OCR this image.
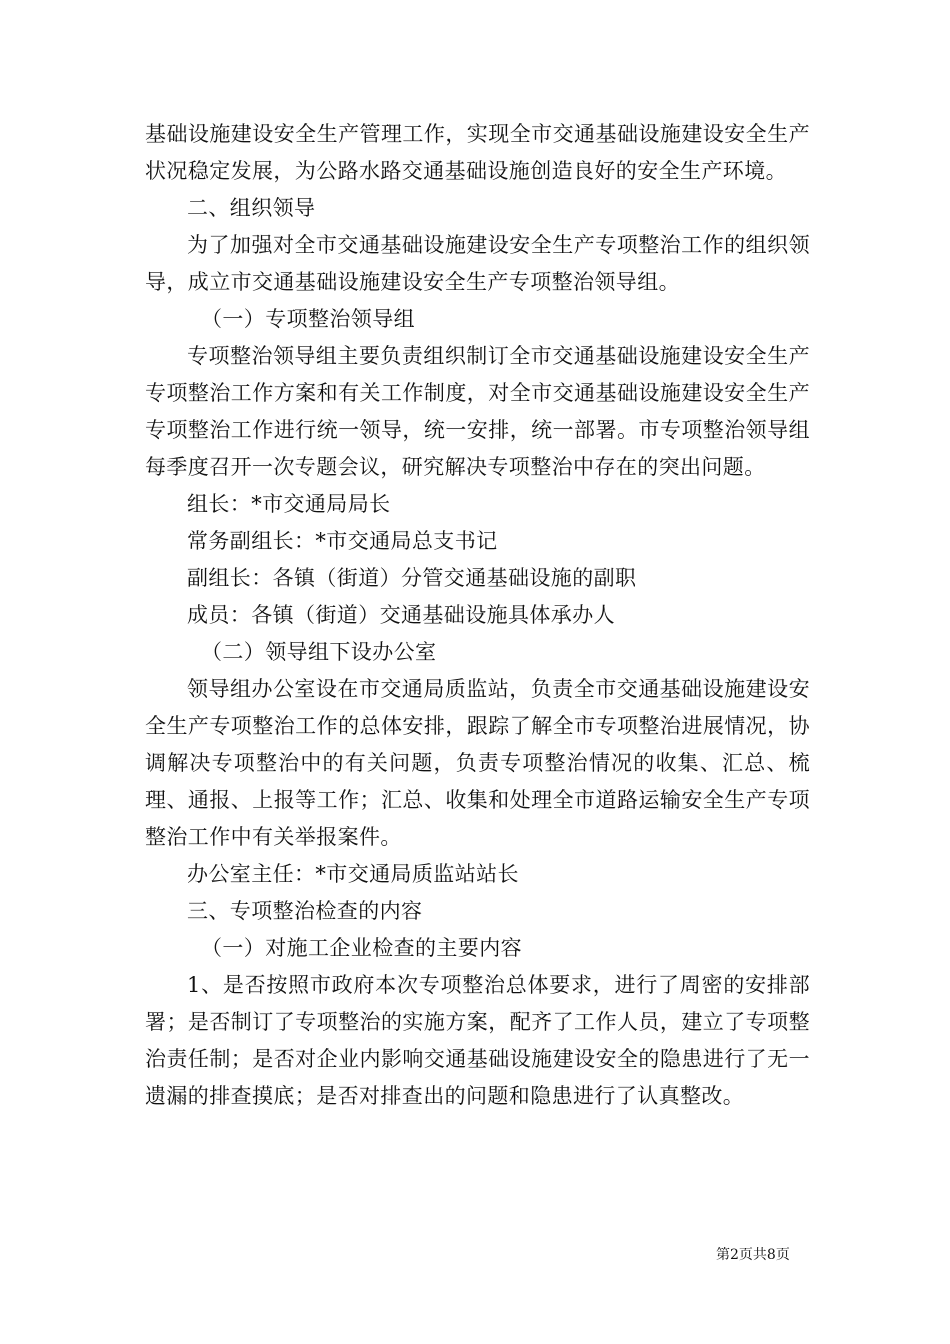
基础设施建设安全生产管理工作，实现全市交通基础设施建设安全生产状况稳定发展，为公路水路交通基础设施创造良好的安全生产环境。

二、组织领导

为了加强对全市交通基础设施建设安全生产专项整治工作的组织领导，成立市交通基础设施建设安全生产专项整治领导组。

（一）专项整治领导组

专项整治领导组主要负责组织制订全市交通基础设施建设安全生产专项整治工作方案和有关工作制度，对全市交通基础设施建设安全生产专项整治工作进行统一领导，统一安排，统一部署。市专项整治领导组每季度召开一次专题会议，研究解决专项整治中存在的突出问题。

组长：*市交通局局长

常务副组长：*市交通局总支书记

副组长：各镇（街道）分管交通基础设施的副职

成员：各镇（街道）交通基础设施具体承办人

（二）领导组下设办公室

领导组办公室设在市交通局质监站，负责全市交通基础设施建设安全生产专项整治工作的总体安排，跟踪了解全市专项整治进展情况，协调解决专项整治中的有关问题，负责专项整治情况的收集、汇总、梳理、通报、上报等工作；汇总、收集和处理全市道路运输安全生产专项整治工作中有关举报案件。

办公室主任：*市交通局质监站站长

三、专项整治检查的内容

（一）对施工企业检查的主要内容

1、是否按照市政府本次专项整治总体要求，进行了周密的安排部署；是否制订了专项整治的实施方案，配齐了工作人员，建立了专项整治责任制；是否对企业内影响交通基础设施建设安全的隐患进行了无一遗漏的排查摸底；是否对排查出的问题和隐患进行了认真整改。

第2页共8页
